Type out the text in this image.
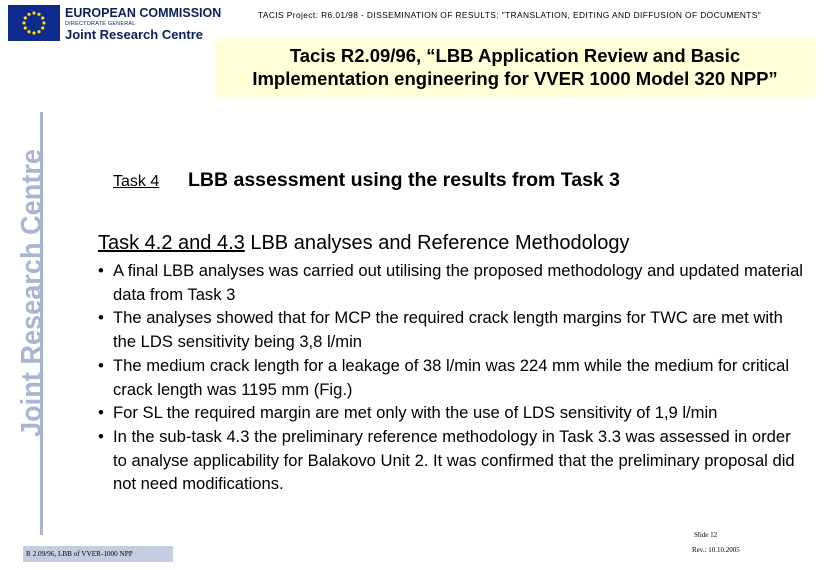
EUROPEAN COMMISSION
DIRECTORATE GENERAL
Joint Research Centre
TACIS Project: R6.01/98 - DISSEMINATION OF RESULTS: "TRANSLATION, EDITING AND DIFFUSION OF DOCUMENTS"
Tacis R2.09/96, “LBB Application Review and Basic
Implementation engineering for VVER 1000 Model 320 NPP”
Joint Research Centre	Task 4 LBB assessment using the results from Task 3
Task 4.2 and 4.3 LBB analyses and Reference Methodology
• A final LBB analyses was carried out utilising the proposed methodology and updated material data from Task 3
• The analyses showed that for MCP the required crack length margins for TWC are met with the LDS sensitivity being 3,8 l/min
• The medium crack length for a leakage of 38 l/min was 224 mm while the medium for critical crack length was 1195 mm (Fig.)
• For SL the required margin are met only with the use of LDS sensitivity of 1,9 l/min
• In the sub-task 4.3 the preliminary reference methodology in Task 3.3 was assessed in order to analyse applicability for Balakovo Unit 2. It was confirmed that the preliminary proposal did not need modifications.
Slide 12
R 2.09/96, LBB of VVER-1000 NPP	Rev.: 10.10.2005
